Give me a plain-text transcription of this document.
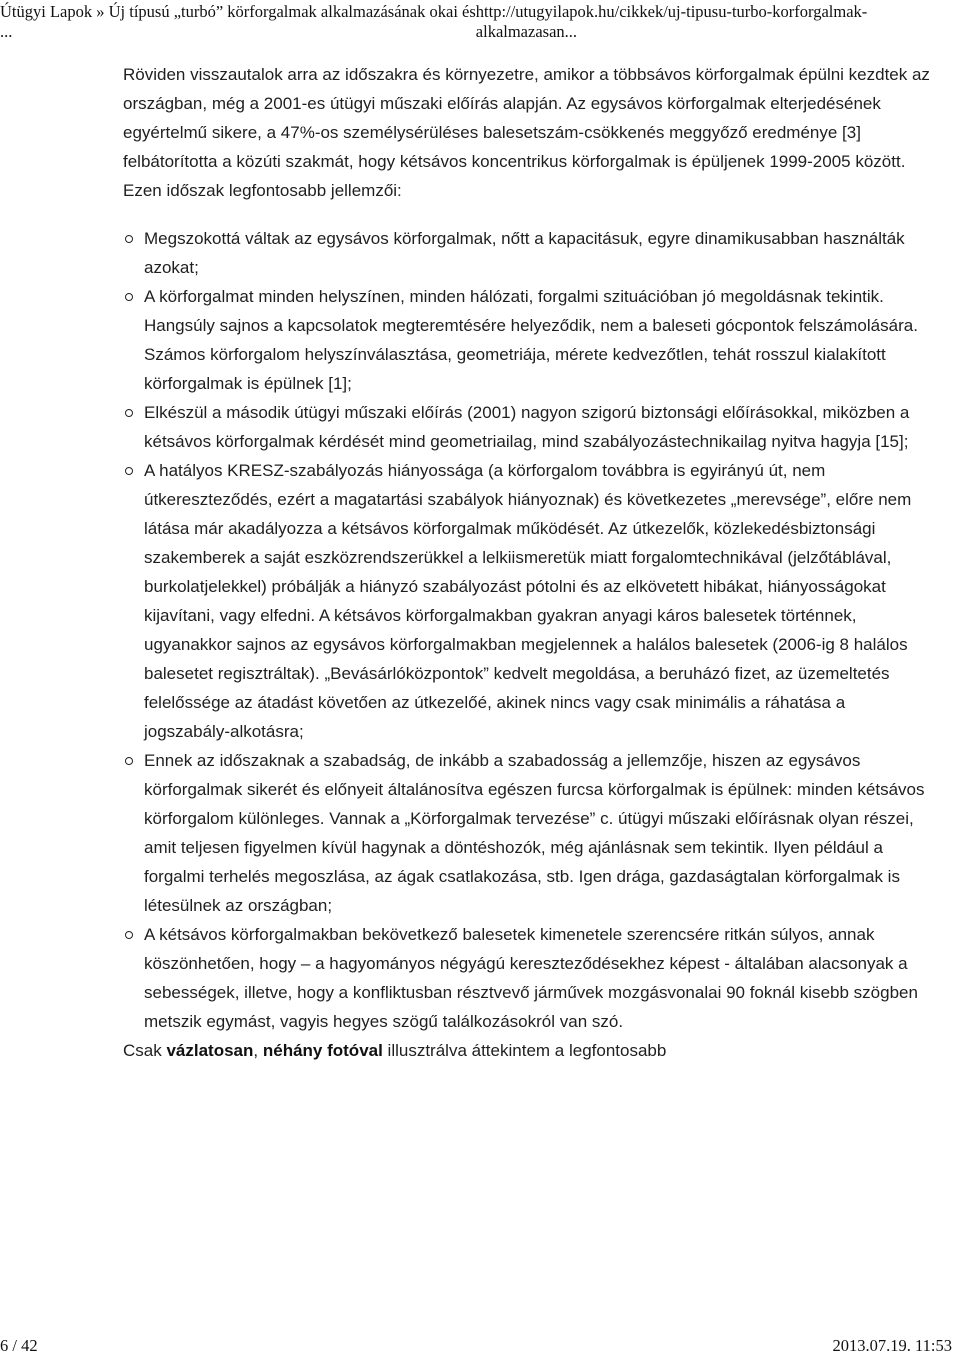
Útügyi Lapok » Új típusú „turbó” körforgalmak alkalmazásának okai és ...
http://utugyilapok.hu/cikkek/uj-tipusu-turbo-korforgalmak-alkalmazasan...

Röviden visszautalok arra az időszakra és környezetre, amikor a többsávos körforgalmak épülni kezdtek az országban, még a 2001-es útügyi műszaki előírás alapján. Az egysávos körforgalmak elterjedésének egyértelmű sikere, a 47%-os személysérüléses balesetszám-csökkenés meggyőző eredménye [3] felbátorította a közúti szakmát, hogy kétsávos koncentrikus körforgalmak is épüljenek 1999-2005 között. Ezen időszak legfontosabb jellemzői:

Megszokottá váltak az egysávos körforgalmak, nőtt a kapacitásuk, egyre dinamikusabban használták azokat;
A körforgalmat minden helyszínen, minden hálózati, forgalmi szituációban jó megoldásnak tekintik. Hangsúly sajnos a kapcsolatok megteremtésére helyeződik, nem a baleseti gócpontok felszámolására. Számos körforgalom helyszínválasztása, geometriája, mérete kedvezőtlen, tehát rosszul kialakított körforgalmak is épülnek [1];
Elkészül a második útügyi műszaki előírás (2001) nagyon szigorú biztonsági előírásokkal, miközben a kétsávos körforgalmak kérdését mind geometriailag, mind szabályozástechnikailag nyitva hagyja [15];
A hatályos KRESZ-szabályozás hiányossága (a körforgalom továbbra is egyirányú út, nem útkereszteződés, ezért a magatartási szabályok hiányoznak) és következetes „merevsége”, előre nem látása már akadályozza a kétsávos körforgalmak működését. Az útkezelők, közlekedésbiztonsági szakemberek a saját eszközrendszerükkel a lelkiismeretük miatt forgalomtechnikával (jelzőtáblával, burkolatjelekkel) próbálják a hiányzó szabályozást pótolni és az elkövetett hibákat, hiányosságokat kijavítani, vagy elfedni. A kétsávos körforgalmakban gyakran anyagi káros balesetek történnek, ugyanakkor sajnos az egysávos körforgalmakban megjelennek a halálos balesetek (2006-ig 8 halálos balesetet regisztráltak). „Bevásárlóközpontok” kedvelt megoldása, a beruházó fizet, az üzemeltetés felelőssége az átadást követően az útkezelőé, akinek nincs vagy csak minimális a ráhatása a jogszabály-alkotásra;
Ennek az időszaknak a szabadság, de inkább a szabadosság a jellemzője, hiszen az egysávos körforgalmak sikerét és előnyeit általánosítva egészen furcsa körforgalmak is épülnek: minden kétsávos körforgalom különleges. Vannak a „Körforgalmak tervezése” c. útügyi műszaki előírásnak olyan részei, amit teljesen figyelmen kívül hagynak a döntéshozók, még ajánlásnak sem tekintik. Ilyen például a forgalmi terhelés megoszlása, az ágak csatlakozása, stb. Igen drága, gazdaságtalan körforgalmak is létesülnek az országban;
A kétsávos körforgalmakban bekövetkező balesetek kimenetele szerencsére ritkán súlyos, annak köszönhetően, hogy – a hagyományos négyágú kereszteződésekhez képest - általában alacsonyak a sebességek, illetve, hogy a konfliktusban résztvevő járművek mozgásvonalai 90 foknál kisebb szögben metszik egymást, vagyis hegyes szögű találkozásokról van szó.

Csak vázlatosan, néhány fotóval illusztrálva áttekintem a legfontosabb

6 / 42	2013.07.19. 11:53
